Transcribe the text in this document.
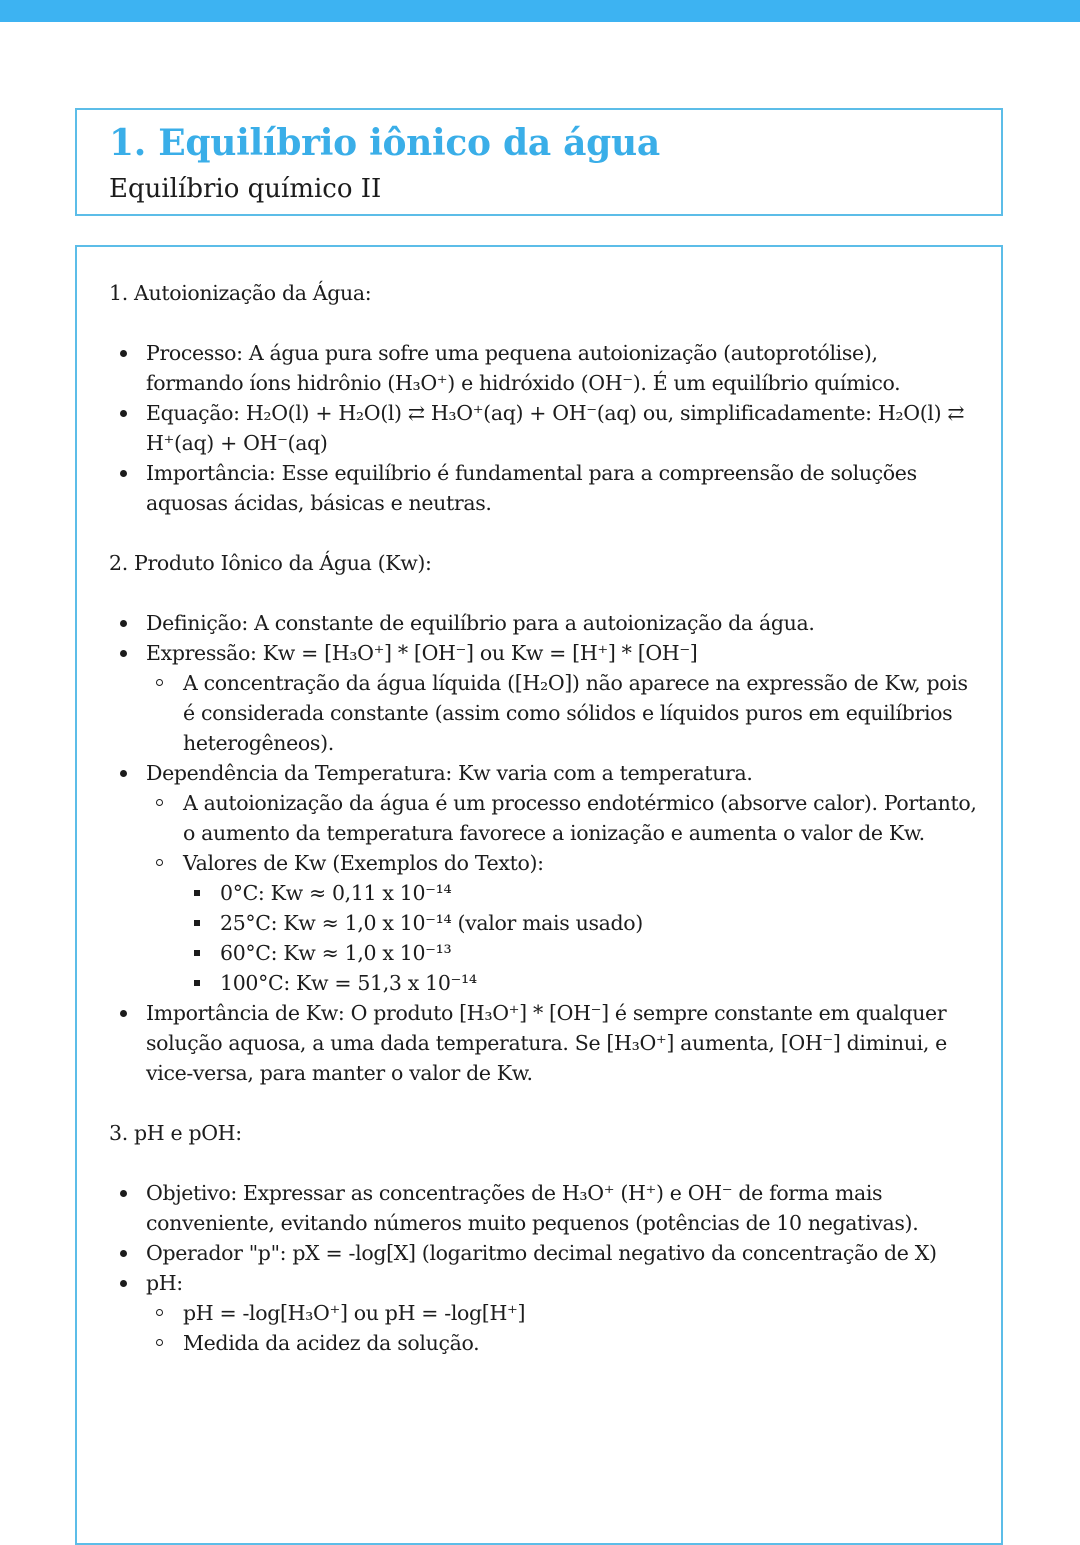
1. Equilíbrio iônico da água
Equilíbrio químico II
1. Autoionização da Água:
Processo: A água pura sofre uma pequena autoionização (autoprotólise), formando íons hidrônio (H₃O⁺) e hidróxido (OH⁻). É um equilíbrio químico.
Equação: H₂O(l) + H₂O(l) ⇄ H₃O⁺(aq) + OH⁻(aq) ou, simplificadamente: H₂O(l) ⇄ H⁺(aq) + OH⁻(aq)
Importância: Esse equilíbrio é fundamental para a compreensão de soluções aquosas ácidas, básicas e neutras.
2. Produto Iônico da Água (Kw):
Definição: A constante de equilíbrio para a autoionização da água.
Expressão: Kw = [H₃O⁺] * [OH⁻] ou Kw = [H⁺] * [OH⁻]
A concentração da água líquida ([H₂O]) não aparece na expressão de Kw, pois é considerada constante (assim como sólidos e líquidos puros em equilíbrios heterogêneos).
Dependência da Temperatura: Kw varia com a temperatura.
A autoionização da água é um processo endotérmico (absorve calor). Portanto, o aumento da temperatura favorece a ionização e aumenta o valor de Kw.
Valores de Kw (Exemplos do Texto):
0°C: Kw ≈ 0,11 x 10⁻¹⁴
25°C: Kw ≈ 1,0 x 10⁻¹⁴ (valor mais usado)
60°C: Kw ≈ 1,0 x 10⁻¹³
100°C: Kw = 51,3 x 10⁻¹⁴
Importância de Kw: O produto [H₃O⁺] * [OH⁻] é sempre constante em qualquer solução aquosa, a uma dada temperatura. Se [H₃O⁺] aumenta, [OH⁻] diminui, e vice-versa, para manter o valor de Kw.
3. pH e pOH:
Objetivo: Expressar as concentrações de H₃O⁺ (H⁺) e OH⁻ de forma mais conveniente, evitando números muito pequenos (potências de 10 negativas).
Operador "p": pX = -log[X] (logaritmo decimal negativo da concentração de X)
pH:
pH = -log[H₃O⁺] ou pH = -log[H⁺]
Medida da acidez da solução.
